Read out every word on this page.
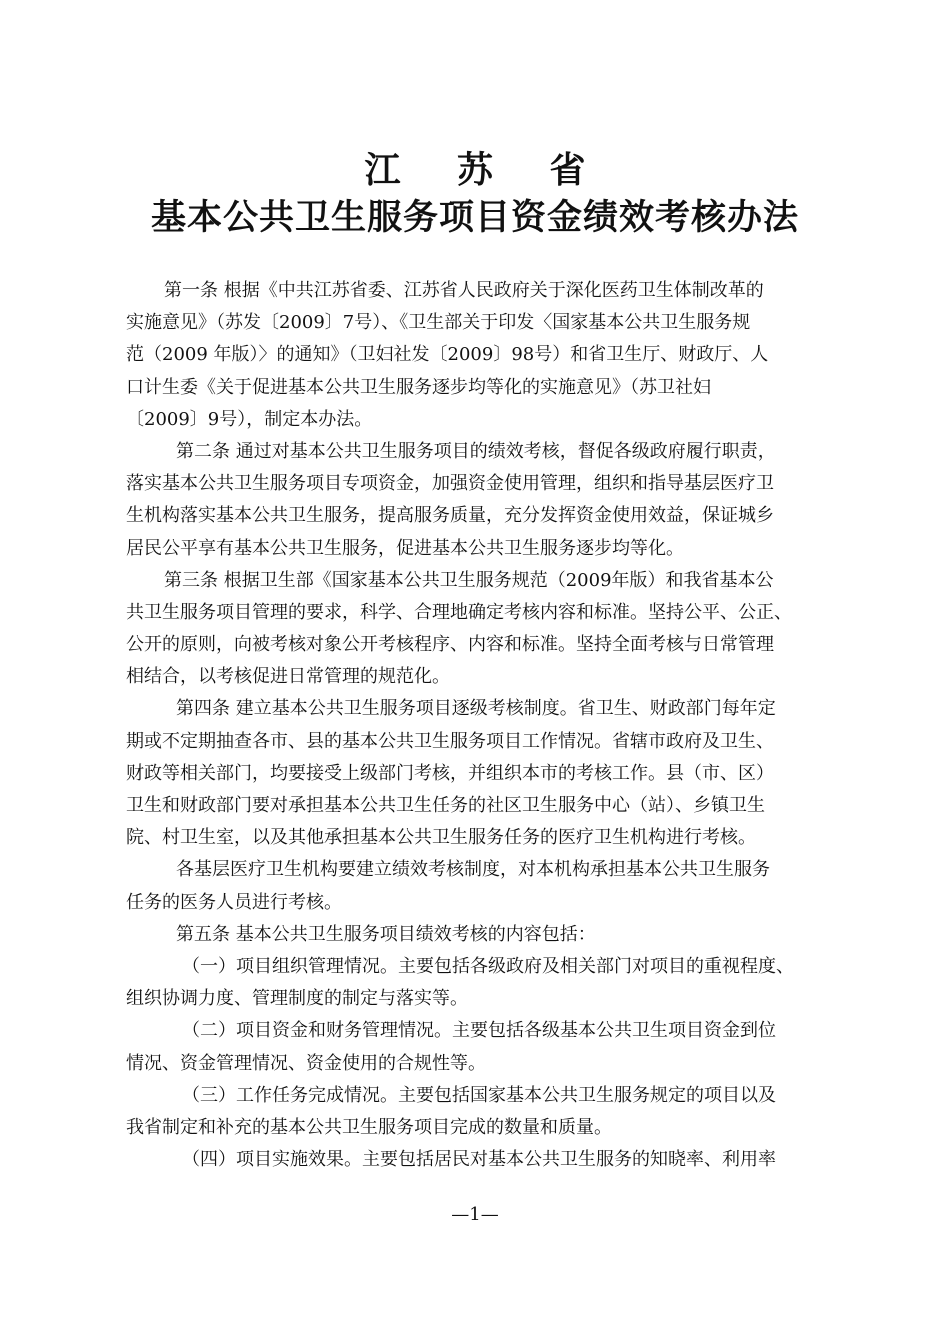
江 苏 省
基本公共卫生服务项目资金绩效考核办法
第一条 根据《中共江苏省委、江苏省人民政府关于深化医药卫生体制改革的
实施意见》（苏发〔2009〕7号）、《卫生部关于印发〈国家基本公共卫生服务规
范（2009 年版）〉的通知》（卫妇社发〔2009〕98号）和省卫生厅、财政厅、人
口计生委《关于促进基本公共卫生服务逐步均等化的实施意见》（苏卫社妇
〔2009〕9号），制定本办法。
第二条 通过对基本公共卫生服务项目的绩效考核，督促各级政府履行职责，
落实基本公共卫生服务项目专项资金，加强资金使用管理，组织和指导基层医疗卫
生机构落实基本公共卫生服务，提高服务质量，充分发挥资金使用效益，保证城乡
居民公平享有基本公共卫生服务，促进基本公共卫生服务逐步均等化。
第三条 根据卫生部《国家基本公共卫生服务规范（2009年版）和我省基本公
共卫生服务项目管理的要求，科学、合理地确定考核内容和标准。坚持公平、公正、
公开的原则，向被考核对象公开考核程序、内容和标准。坚持全面考核与日常管理
相结合，以考核促进日常管理的规范化。
第四条 建立基本公共卫生服务项目逐级考核制度。省卫生、财政部门每年定
期或不定期抽查各市、县的基本公共卫生服务项目工作情况。省辖市政府及卫生、
财政等相关部门，均要接受上级部门考核，并组织本市的考核工作。县（市、区）
卫生和财政部门要对承担基本公共卫生任务的社区卫生服务中心（站）、乡镇卫生
院、村卫生室，以及其他承担基本公共卫生服务任务的医疗卫生机构进行考核。
各基层医疗卫生机构要建立绩效考核制度，对本机构承担基本公共卫生服务
任务的医务人员进行考核。
第五条 基本公共卫生服务项目绩效考核的内容包括：
（一）项目组织管理情况。主要包括各级政府及相关部门对项目的重视程度、
组织协调力度、管理制度的制定与落实等。
（二）项目资金和财务管理情况。主要包括各级基本公共卫生项目资金到位
情况、资金管理情况、资金使用的合规性等。
（三）工作任务完成情况。主要包括国家基本公共卫生服务规定的项目以及
我省制定和补充的基本公共卫生服务项目完成的数量和质量。
（四）项目实施效果。主要包括居民对基本公共卫生服务的知晓率、利用率
—1—
